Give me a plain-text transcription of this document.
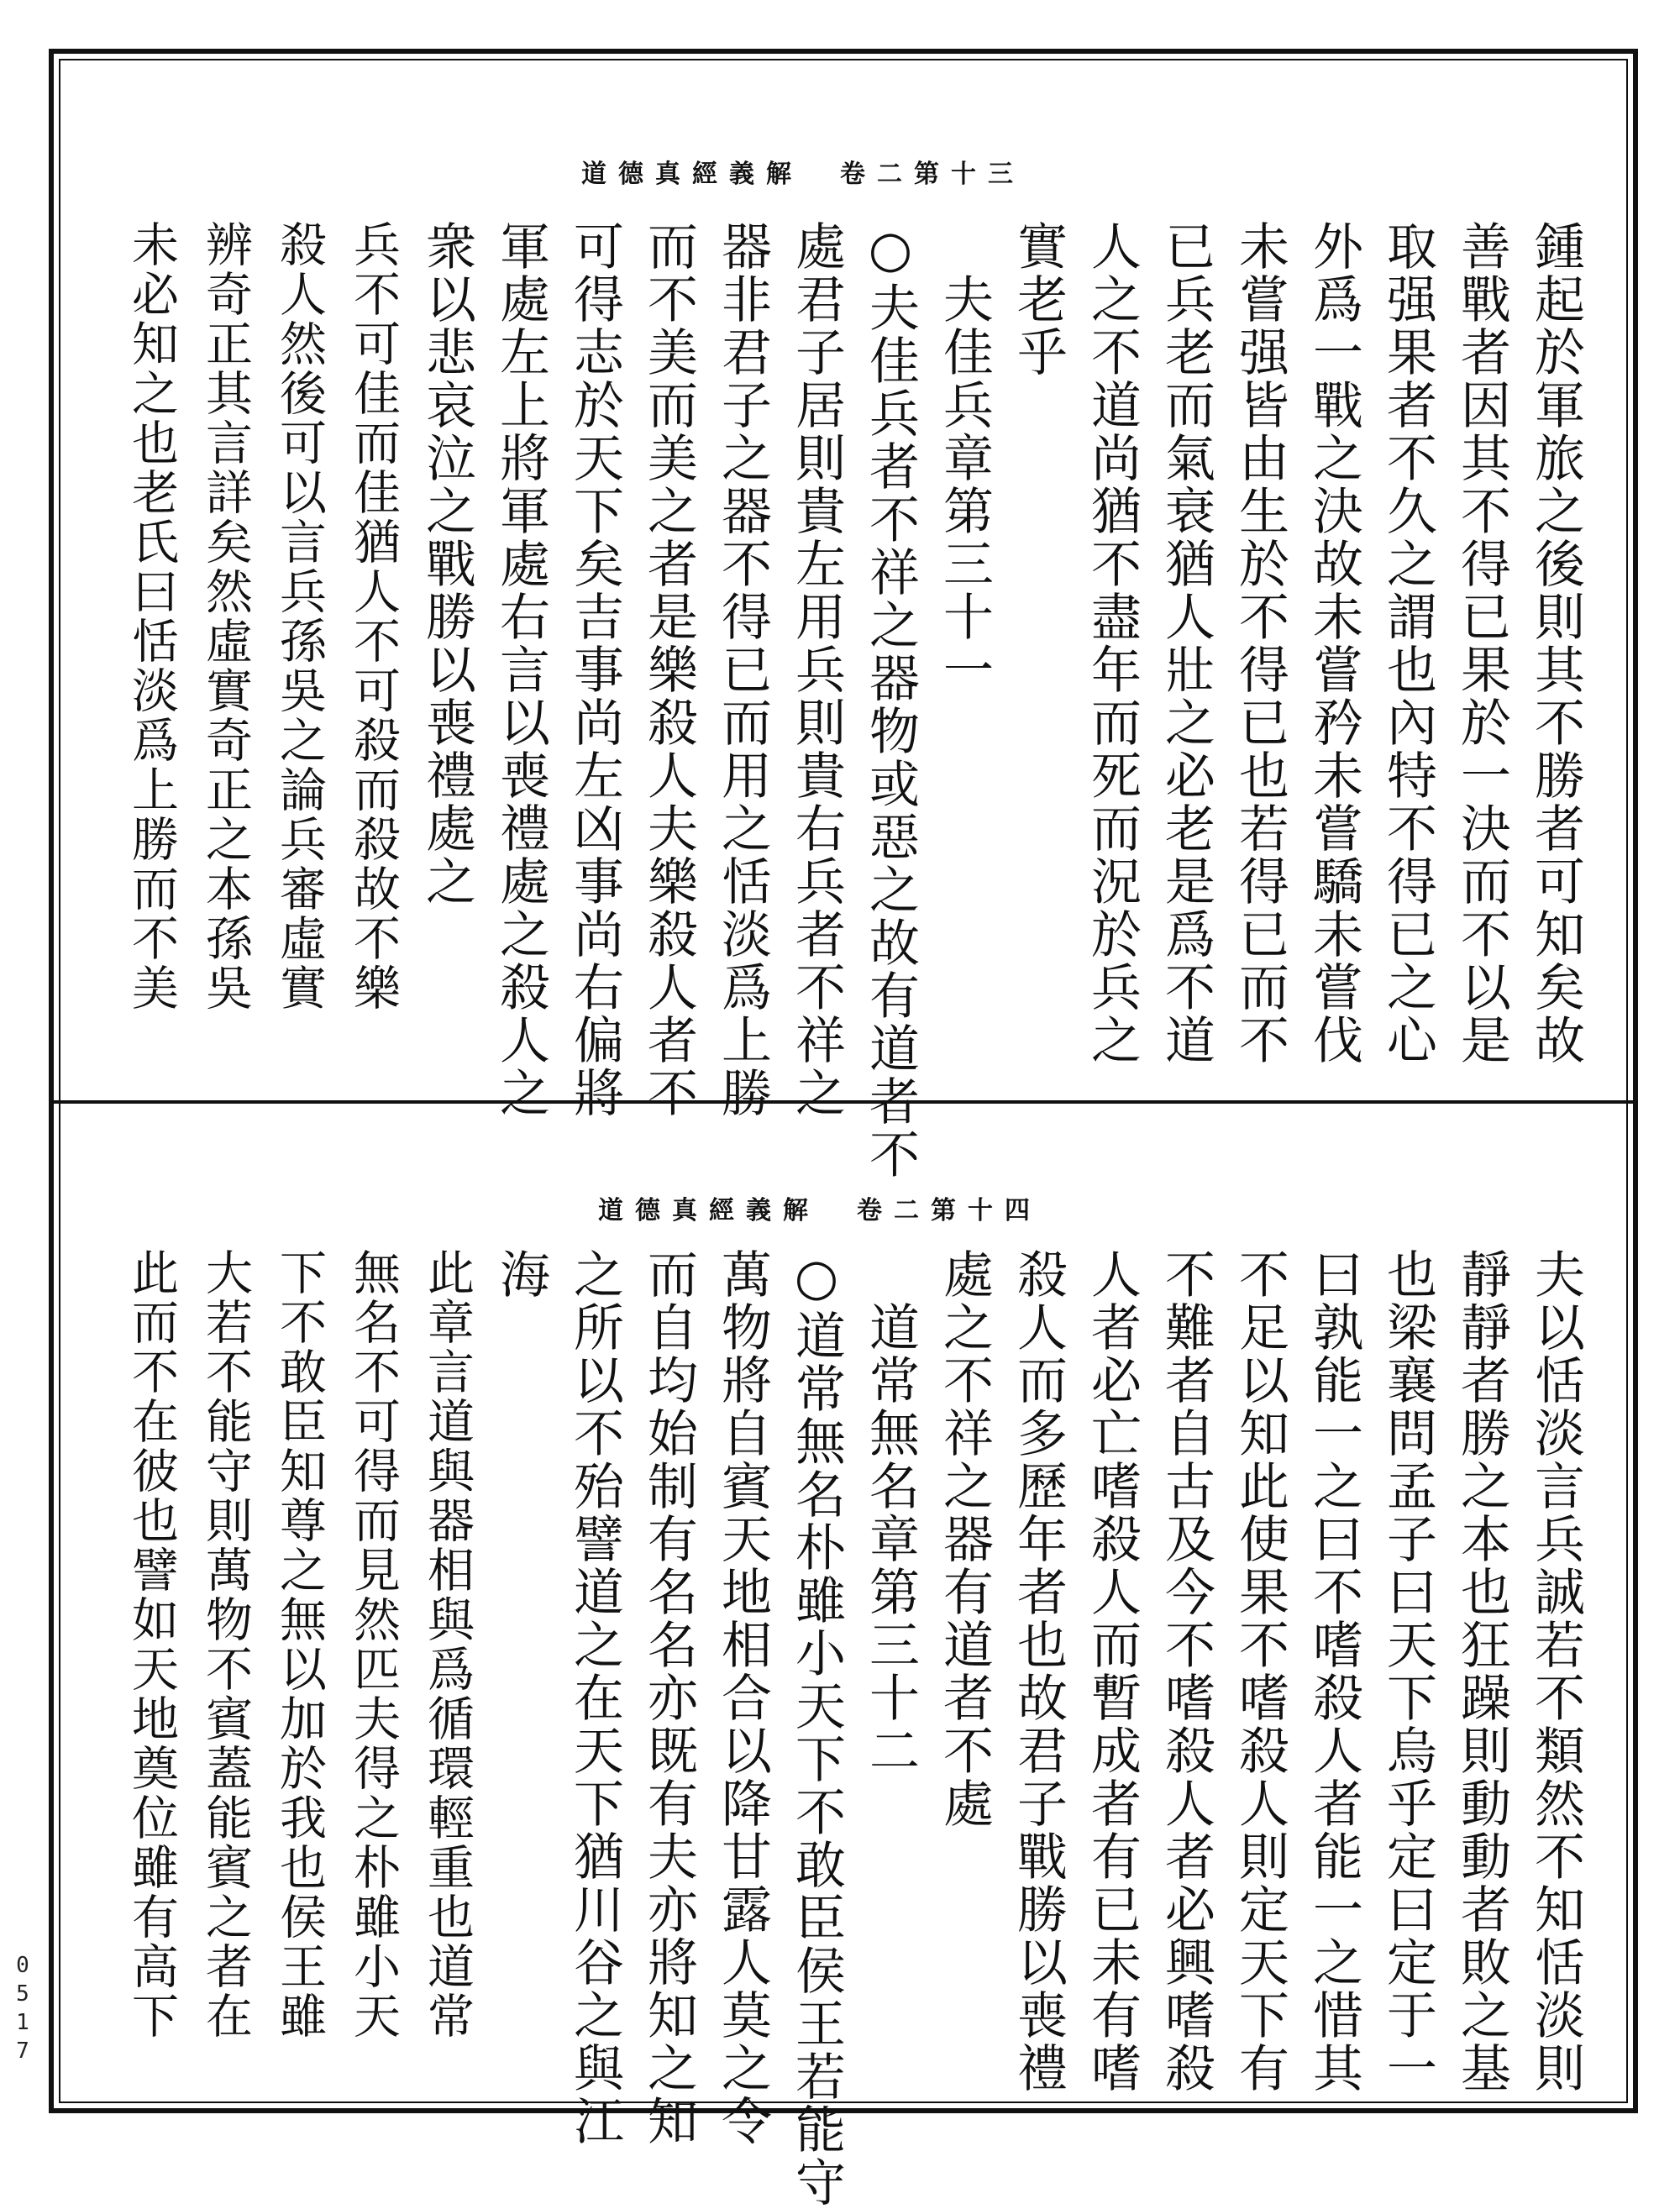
道德真經義解　卷二第十三
鍾起於軍旅之後則其不勝者可知矣故
善戰者因其不得已果於一決而不以是
取强果者不久之謂也內特不得已之心
外爲一戰之決故未嘗矜未嘗驕未嘗伐
未嘗强皆由生於不得已也若得已而不
已兵老而氣衰猶人壯之必老是爲不道
人之不道尚猶不盡年而死而況於兵之
實老乎
　夫佳兵章第三十一
○夫佳兵者不祥之器物或惡之故有道者不
處君子居則貴左用兵則貴右兵者不祥之
器非君子之器不得已而用之恬淡爲上勝
而不美而美之者是樂殺人夫樂殺人者不
可得志於天下矣吉事尚左凶事尚右偏將
軍處左上將軍處右言以喪禮處之殺人之
衆以悲哀泣之戰勝以喪禮處之
兵不可佳而佳猶人不可殺而殺故不樂
殺人然後可以言兵孫吳之論兵審虛實
辨奇正其言詳矣然虛實奇正之本孫吳
未必知之也老氏曰恬淡爲上勝而不美
道德真經義解　卷二第十四
夫以恬淡言兵誠若不類然不知恬淡則
靜靜者勝之本也狂躁則動動者敗之基
也梁襄問孟子曰天下烏乎定曰定于一
曰孰能一之曰不嗜殺人者能一之惜其
不足以知此使果不嗜殺人則定天下有
不難者自古及今不嗜殺人者必興嗜殺
人者必亡嗜殺人而暫成者有已未有嗜
殺人而多歷年者也故君子戰勝以喪禮
處之不祥之器有道者不處
　道常無名章第三十二
○道常無名朴雖小天下不敢臣侯王若能守
萬物將自賓天地相合以降甘露人莫之令
而自均始制有名名亦既有夫亦將知之知
之所以不殆譬道之在天下猶川谷之與江
海
此章言道與器相與爲循環輕重也道常
無名不可得而見然匹夫得之朴雖小天
下不敢臣知尊之無以加於我也侯王雖
大若不能守則萬物不賓蓋能賓之者在
此而不在彼也譬如天地奠位雖有高下
0517
